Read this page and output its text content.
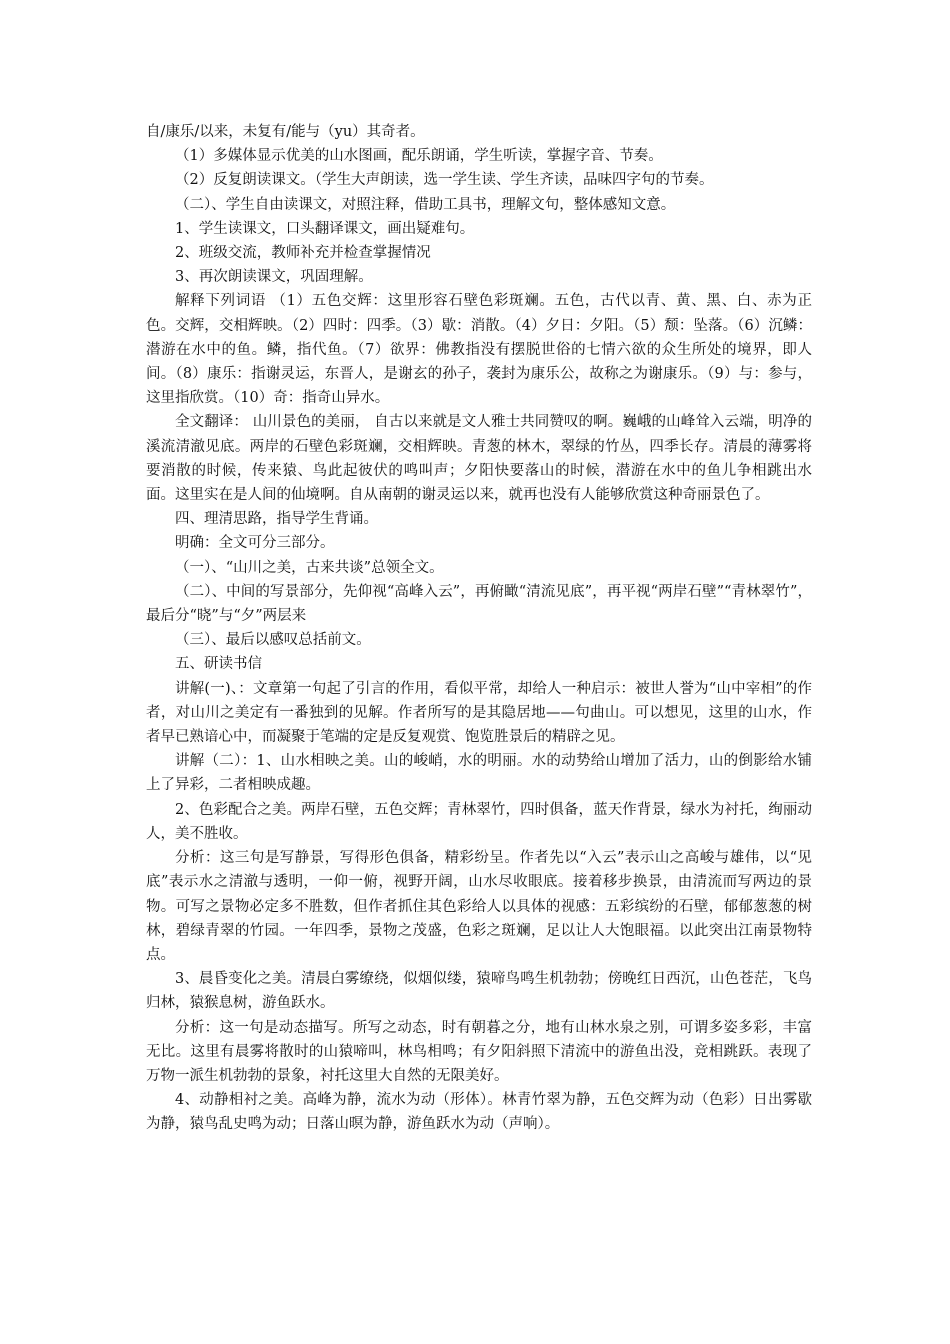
自/康乐/以来，未复有/能与（yu）其奇者。

（1）多媒体显示优美的山水图画，配乐朗诵，学生听读，掌握字音、节奏。

（2）反复朗读课文。（学生大声朗读，选一学生读、学生齐读，品味四字句的节奏。

（二）、学生自由读课文，对照注释，借助工具书，理解文句，整体感知文意。

1、学生读课文，口头翻译课文，画出疑难句。

2、班级交流，教师补充并检查掌握情况

3、再次朗读课文，巩固理解。

解释下列词语 （1）五色交辉：这里形容石壁色彩斑斓。五色，古代以青、黄、黑、白、赤为正色。交辉，交相辉映。（2）四时：四季。（3）歇：消散。（4）夕日：夕阳。（5）颓：坠落。（6）沉鳞：潜游在水中的鱼。鳞，指代鱼。（7）欲界：佛教指没有摆脱世俗的七情六欲的众生所处的境界，即人间。（8）康乐：指谢灵运，东晋人，是谢玄的孙子，袭封为康乐公，故称之为谢康乐。（9）与：参与，这里指欣赏。（10）奇：指奇山异水。

全文翻译： 山川景色的美丽， 自古以来就是文人雅士共同赞叹的啊。巍峨的山峰耸入云端，明净的溪流清澈见底。两岸的石壁色彩斑斓，交相辉映。青葱的林木，翠绿的竹丛，四季长存。清晨的薄雾将要消散的时候，传来猿、鸟此起彼伏的鸣叫声；夕阳快要落山的时候，潜游在水中的鱼儿争相跳出水面。这里实在是人间的仙境啊。自从南朝的谢灵运以来，就再也没有人能够欣赏这种奇丽景色了。

四、理清思路，指导学生背诵。

明确：全文可分三部分。

（一）、“山川之美，古来共谈”总领全文。

（二）、中间的写景部分，先仰视“高峰入云”，再俯瞰“清流见底”，再平视“两岸石壁”“青林翠竹”，最后分“晓”与“夕”两层来

（三）、最后以感叹总括前文。

五、研读书信

讲解(一)、：文章第一句起了引言的作用，看似平常，却给人一种启示：被世人誉为“山中宰相”的作者，对山川之美定有一番独到的见解。作者所写的是其隐居地——句曲山。可以想见，这里的山水，作者早已熟谙心中，而凝聚于笔端的定是反复观赏、饱览胜景后的精辟之见。

讲解（二）：1、山水相映之美。山的峻峭，水的明丽。水的动势给山增加了活力，山的倒影给水铺上了异彩，二者相映成趣。

2、色彩配合之美。两岸石壁，五色交辉；青林翠竹，四时俱备，蓝天作背景，绿水为衬托，绚丽动人，美不胜收。

分析：这三句是写静景，写得形色俱备，精彩纷呈。作者先以“入云”表示山之高峻与雄伟，以“见底”表示水之清澈与透明，一仰一俯，视野开阔，山水尽收眼底。接着移步换景，由清流而写两边的景物。可写之景物必定多不胜数，但作者抓住其色彩给人以具体的视感：五彩缤纷的石壁，郁郁葱葱的树林，碧绿青翠的竹园。一年四季，景物之茂盛，色彩之斑斓，足以让人大饱眼福。以此突出江南景物特点。

3、晨昏变化之美。清晨白雾缭绕，似烟似缕，猿啼鸟鸣生机勃勃；傍晚红日西沉，山色苍茫，飞鸟归林，猿猴息树，游鱼跃水。

分析：这一句是动态描写。所写之动态，时有朝暮之分，地有山林水泉之别，可谓多姿多彩，丰富无比。这里有晨雾将散时的山猿啼叫，林鸟相鸣；有夕阳斜照下清流中的游鱼出没，竞相跳跃。表现了万物一派生机勃勃的景象，衬托这里大自然的无限美好。

4、动静相衬之美。高峰为静，流水为动（形体）。林青竹翠为静，五色交辉为动（色彩）日出雾歇为静，猿鸟乱史鸣为动；日落山暝为静，游鱼跃水为动（声响）。
